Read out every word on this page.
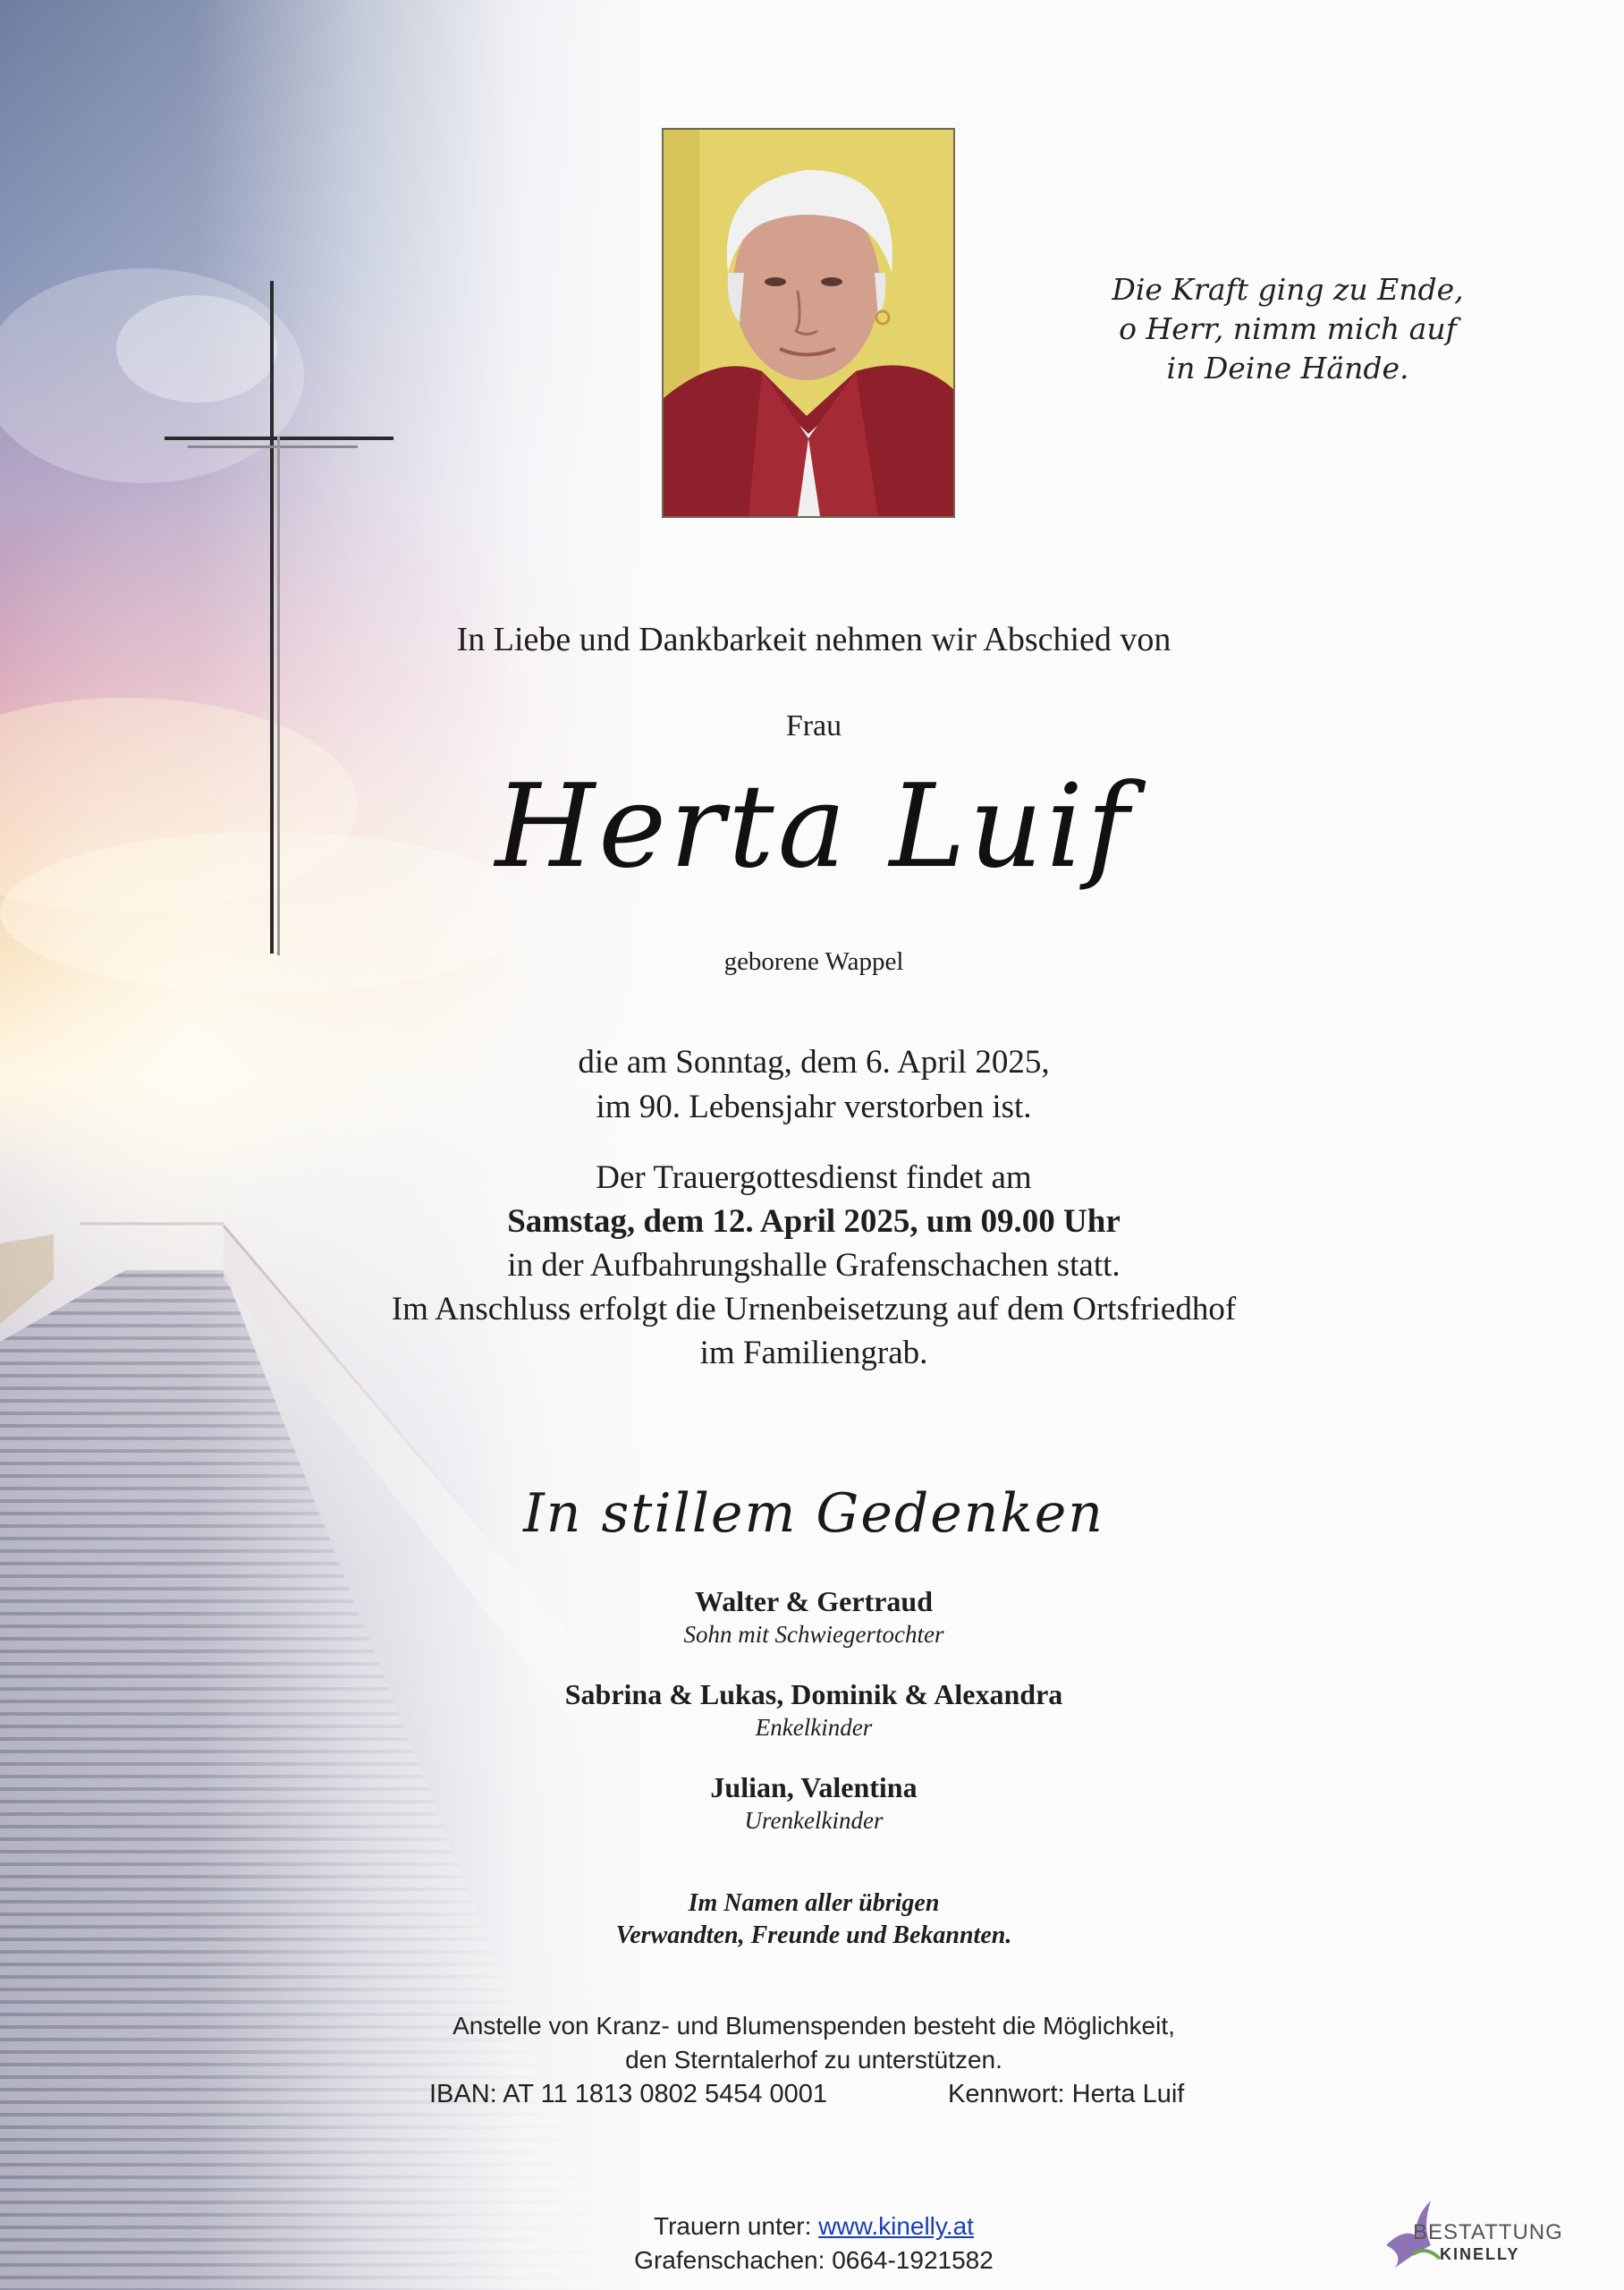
Die Kraft ging zu Ende,
o Herr, nimm mich auf
in Deine Hände.
In Liebe und Dankbarkeit nehmen wir Abschied von
Frau
Herta Luif
geborene Wappel
die am Sonntag, dem 6. April 2025,
im 90. Lebensjahr verstorben ist.
Der Trauergottesdienst findet am
Samstag, dem 12. April 2025, um 09.00 Uhr
in der Aufbahrungshalle Grafenschachen statt.
Im Anschluss erfolgt die Urnenbeisetzung auf dem Ortsfriedhof
im Familiengrab.
In stillem Gedenken
Walter & Gertraud
Sohn mit Schwiegertochter
Sabrina & Lukas, Dominik & Alexandra
Enkelkinder
Julian, Valentina
Urenkelkinder
Im Namen aller übrigen
Verwandten, Freunde und Bekannten.
Anstelle von Kranz- und Blumenspenden besteht die Möglichkeit,
den Sterntalerhof zu unterstützen.
IBAN: AT 11 1813 0802 5454 0001	Kennwort: Herta Luif
Trauern unter: www.kinelly.at
Grafenschachen: 0664-1921582
BESTATTUNG
KINELLY
